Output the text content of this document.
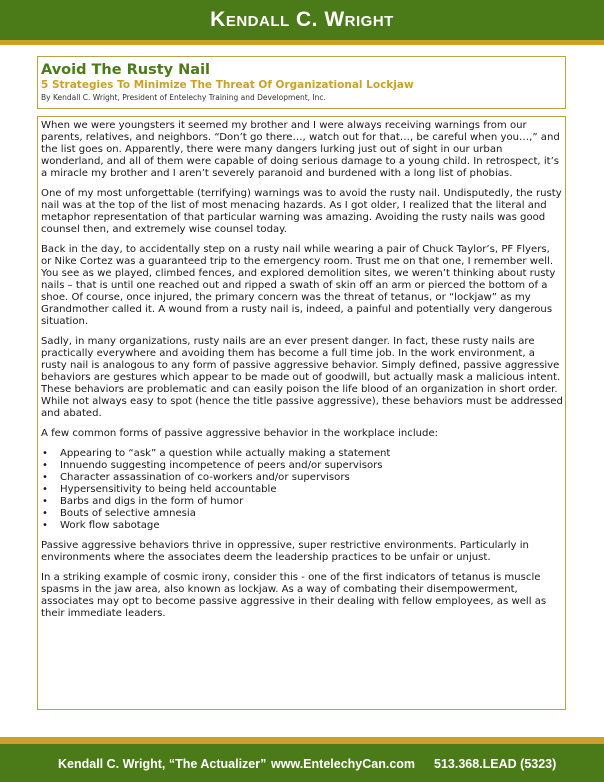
Kendall C. Wright
Avoid The Rusty Nail
5 Strategies To Minimize The Threat Of Organizational Lockjaw
By Kendall C. Wright, President of Entelechy Training and Development, Inc.

When we were youngsters it seemed my brother and I were always receiving warnings from our parents, relatives, and neighbors. “Don’t go there…, watch out for that…, be careful when you…,” and the list goes on. Apparently, there were many dangers lurking just out of sight in our urban wonderland, and all of them were capable of doing serious damage to a young child. In retrospect, it’s a miracle my brother and I aren’t severely paranoid and burdened with a long list of phobias.

One of my most unforgettable (terrifying) warnings was to avoid the rusty nail. Undisputedly, the rusty nail was at the top of the list of most menacing hazards. As I got older, I realized that the literal and metaphor representation of that particular warning was amazing. Avoiding the rusty nails was good counsel then, and extremely wise counsel today.

Back in the day, to accidentally step on a rusty nail while wearing a pair of Chuck Taylor’s, PF Flyers, or Nike Cortez was a guaranteed trip to the emergency room. Trust me on that one, I remember well. You see as we played, climbed fences, and explored demolition sites, we weren’t thinking about rusty nails – that is until one reached out and ripped a swath of skin off an arm or pierced the bottom of a shoe. Of course, once injured, the primary concern was the threat of tetanus, or “lockjaw” as my Grandmother called it. A wound from a rusty nail is, indeed, a painful and potentially very dangerous situation.

Sadly, in many organizations, rusty nails are an ever present danger. In fact, these rusty nails are practically everywhere and avoiding them has become a full time job. In the work environment, a rusty nail is analogous to any form of passive aggressive behavior. Simply defined, passive aggressive behaviors are gestures which appear to be made out of goodwill, but actually mask a malicious intent. These behaviors are problematic and can easily poison the life blood of an organization in short order. While not always easy to spot (hence the title passive aggressive), these behaviors must be addressed and abated.

A few common forms of passive aggressive behavior in the workplace include:

• Appearing to “ask” a question while actually making a statement
• Innuendo suggesting incompetence of peers and/or supervisors
• Character assassination of co-workers and/or supervisors
• Hypersensitivity to being held accountable
• Barbs and digs in the form of humor
• Bouts of selective amnesia
• Work flow sabotage

Passive aggressive behaviors thrive in oppressive, super restrictive environments. Particularly in environments where the associates deem the leadership practices to be unfair or unjust.

In a striking example of cosmic irony, consider this - one of the first indicators of tetanus is muscle spasms in the jaw area, also known as lockjaw. As a way of combating their disempowerment, associates may opt to become passive aggressive in their dealing with fellow employees, as well as their immediate leaders.

Kendall C. Wright, “The Actualizer” www.EntelechyCan.com 513.368.LEAD (5323)
